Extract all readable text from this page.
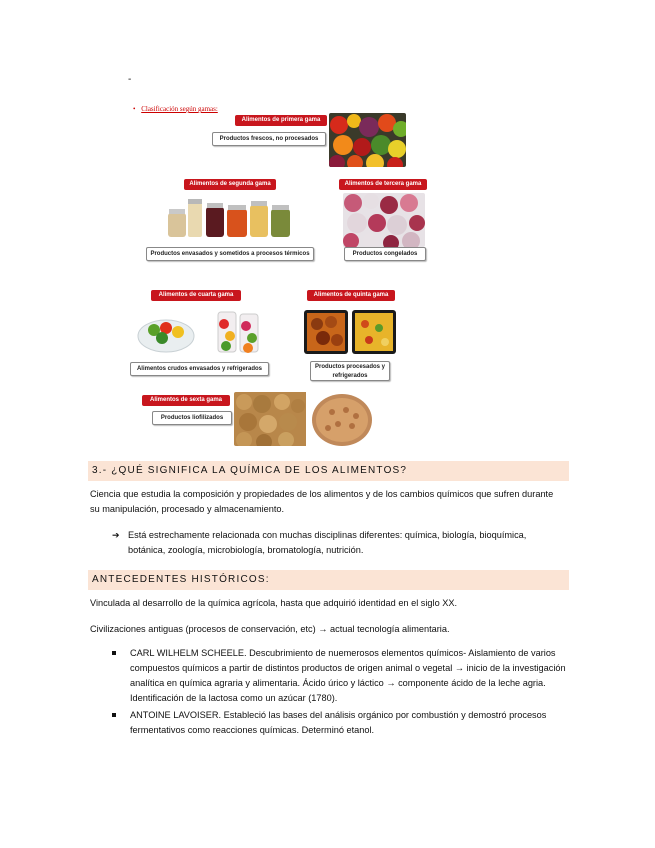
-
• Clasificación según gamas:
Alimentos de primera gama
Productos frescos, no procesados
Alimentos de segunda gama
Productos envasados y sometidos a procesos térmicos
Alimentos de tercera gama
Productos congelados
Alimentos de cuarta gama
Alimentos crudos envasados y refrigerados
Alimentos de quinta gama
Productos procesados y refrigerados
Alimentos de sexta gama
Productos liofilizados
3.- ¿QUÉ SIGNIFICA LA QUÍMICA DE LOS ALIMENTOS?
Ciencia que estudia la composición y propiedades de los alimentos y de los cambios químicos que sufren durante su manipulación, procesado y almacenamiento.
➔ Está estrechamente relacionada con muchas disciplinas diferentes: química, biología, bioquímica, botánica, zoología, microbiología, bromatología, nutrición.
ANTECEDENTES HISTÓRICOS:
Vinculada al desarrollo de la química agrícola, hasta que adquirió identidad en el siglo XX.
Civilizaciones antiguas (procesos de conservación, etc) → actual tecnología alimentaria.
CARL WILHELM SCHEELE. Descubrimiento de nuemerosos elementos químicos- Aislamiento de varios compuestos químicos a partir de distintos productos de origen animal o vegetal → inicio de la investigación analítica en química agraria y alimentaria. Ácido úrico y láctico → componente ácido de la leche agria. Identificación de la lactosa como un azúcar (1780).
ANTOINE LAVOISER. Estableció las bases del análisis orgánico por combustión y demostró procesos fermentativos como reacciones químicas. Determinó etanol.
